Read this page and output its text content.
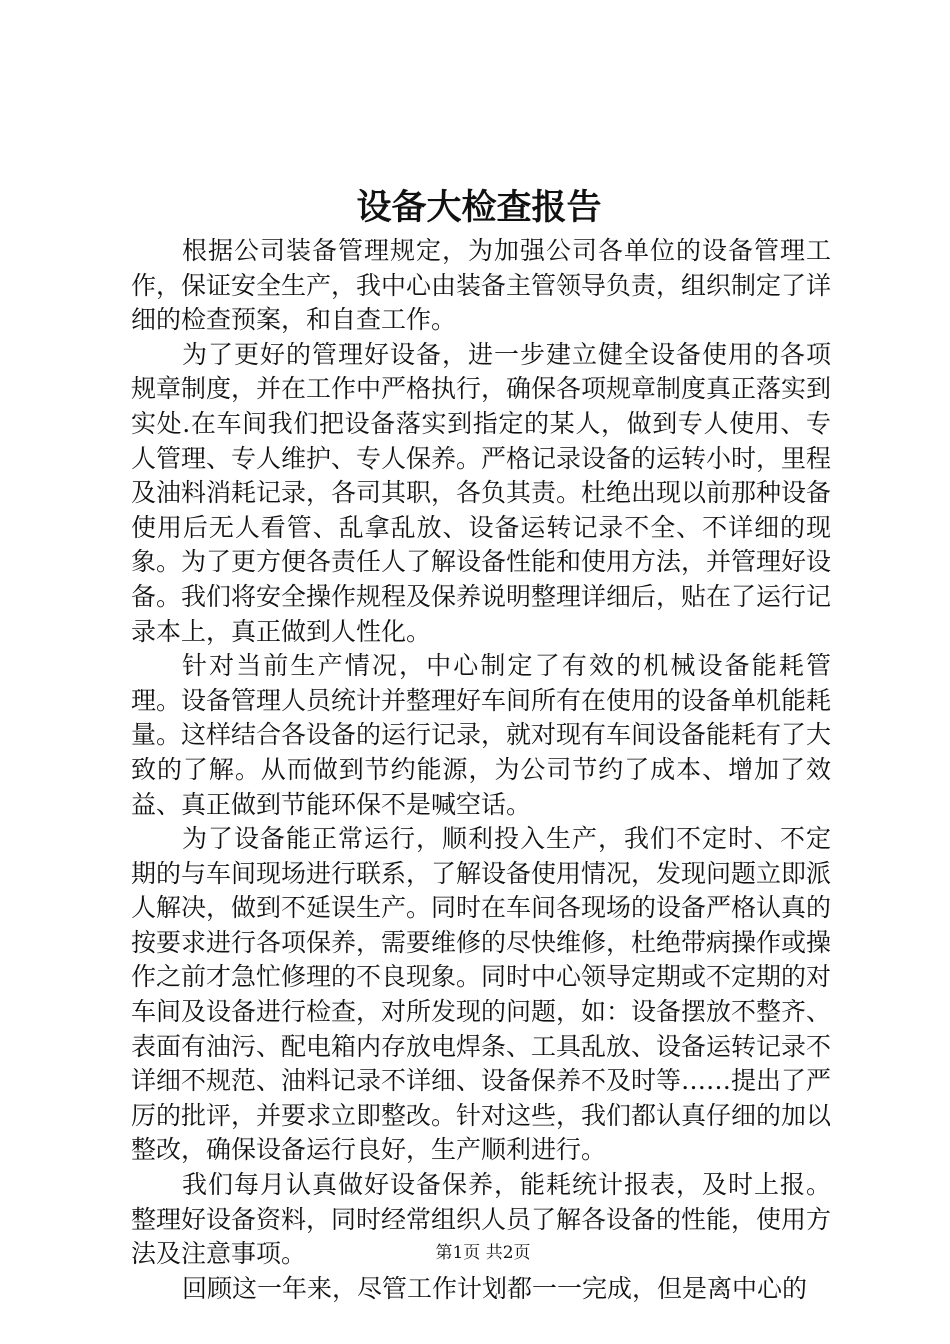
设备大检查报告

根据公司装备管理规定，为加强公司各单位的设备管理工作，保证安全生产，我中心由装备主管领导负责，组织制定了详细的检查预案，和自查工作。

为了更好的管理好设备，进一步建立健全设备使用的各项规章制度，并在工作中严格执行，确保各项规章制度真正落实到实处.在车间我们把设备落实到指定的某人，做到专人使用、专人管理、专人维护、专人保养。严格记录设备的运转小时，里程及油料消耗记录，各司其职，各负其责。杜绝出现以前那种设备使用后无人看管、乱拿乱放、设备运转记录不全、不详细的现象。为了更方便各责任人了解设备性能和使用方法，并管理好设备。我们将安全操作规程及保养说明整理详细后，贴在了运行记录本上，真正做到人性化。

针对当前生产情况，中心制定了有效的机械设备能耗管理。设备管理人员统计并整理好车间所有在使用的设备单机能耗量。这样结合各设备的运行记录，就对现有车间设备能耗有了大致的了解。从而做到节约能源，为公司节约了成本、增加了效益、真正做到节能环保不是喊空话。

为了设备能正常运行，顺利投入生产，我们不定时、不定期的与车间现场进行联系，了解设备使用情况，发现问题立即派人解决，做到不延误生产。同时在车间各现场的设备严格认真的按要求进行各项保养，需要维修的尽快维修，杜绝带病操作或操作之前才急忙修理的不良现象。同时中心领导定期或不定期的对车间及设备进行检查，对所发现的问题，如：设备摆放不整齐、表面有油污、配电箱内存放电焊条、工具乱放、设备运转记录不详细不规范、油料记录不详细、设备保养不及时等……提出了严厉的批评，并要求立即整改。针对这些，我们都认真仔细的加以整改，确保设备运行良好，生产顺利进行。

我们每月认真做好设备保养，能耗统计报表，及时上报。整理好设备资料，同时经常组织人员了解各设备的性能，使用方法及注意事项。

回顾这一年来，尽管工作计划都一一完成，但是离中心的

第1页 共2页
